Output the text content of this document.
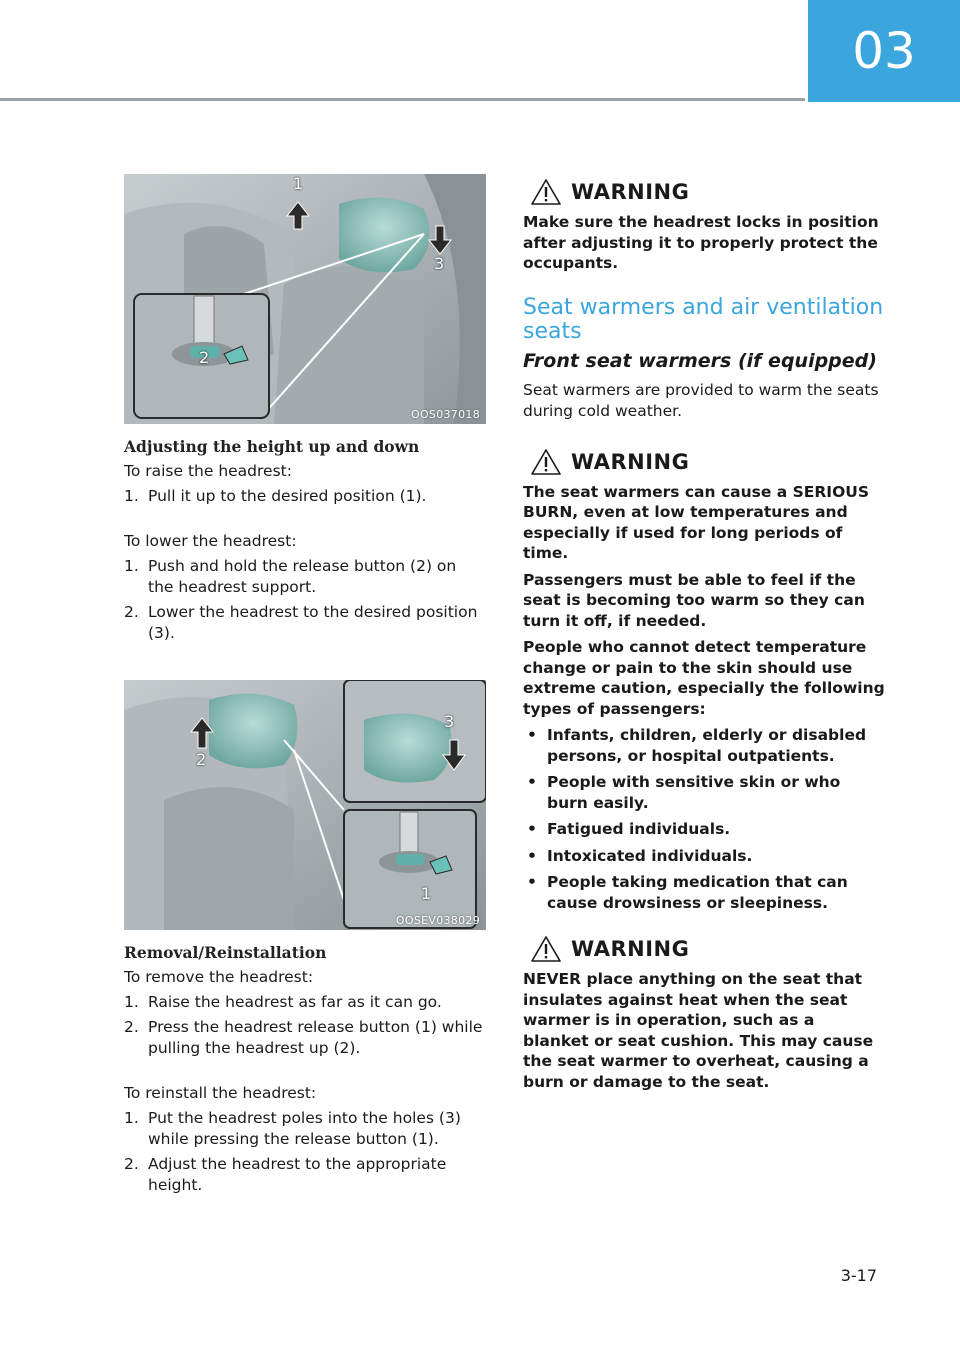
03
1
2
3
OOS037018
Adjusting the height up and down

To raise the headrest:

1. Pull it up to the desired position (1).

To lower the headrest:

1. Push and hold the release button (2) on the headrest support.
2. Lower the headrest to the desired position (3).
2
3
1
OOSEV038029
Removal/Reinstallation

To remove the headrest:

1. Raise the headrest as far as it can go.
2. Press the headrest release button (1) while pulling the headrest up (2).

To reinstall the headrest:

1. Put the headrest poles into the holes (3) while pressing the release button (1).
2. Adjust the headrest to the appropriate height.
WARNING

Make sure the headrest locks in position after adjusting it to properly protect the occupants.

Seat warmers and air ventilation seats
Front seat warmers (if equipped)

Seat warmers are provided to warm the seats during cold weather.

WARNING

The seat warmers can cause a SERIOUS BURN, even at low temperatures and especially if used for long periods of time.

Passengers must be able to feel if the seat is becoming too warm so they can turn it off, if needed.

People who cannot detect temperature change or pain to the skin should use extreme caution, especially the following types of passengers:

• Infants, children, elderly or disabled persons, or hospital outpatients.
• People with sensitive skin or who burn easily.
• Fatigued individuals.
• Intoxicated individuals.
• People taking medication that can cause drowsiness or sleepiness.
WARNING

NEVER place anything on the seat that insulates against heat when the seat warmer is in operation, such as a blanket or seat cushion. This may cause the seat warmer to overheat, causing a burn or damage to the seat.

3-17
